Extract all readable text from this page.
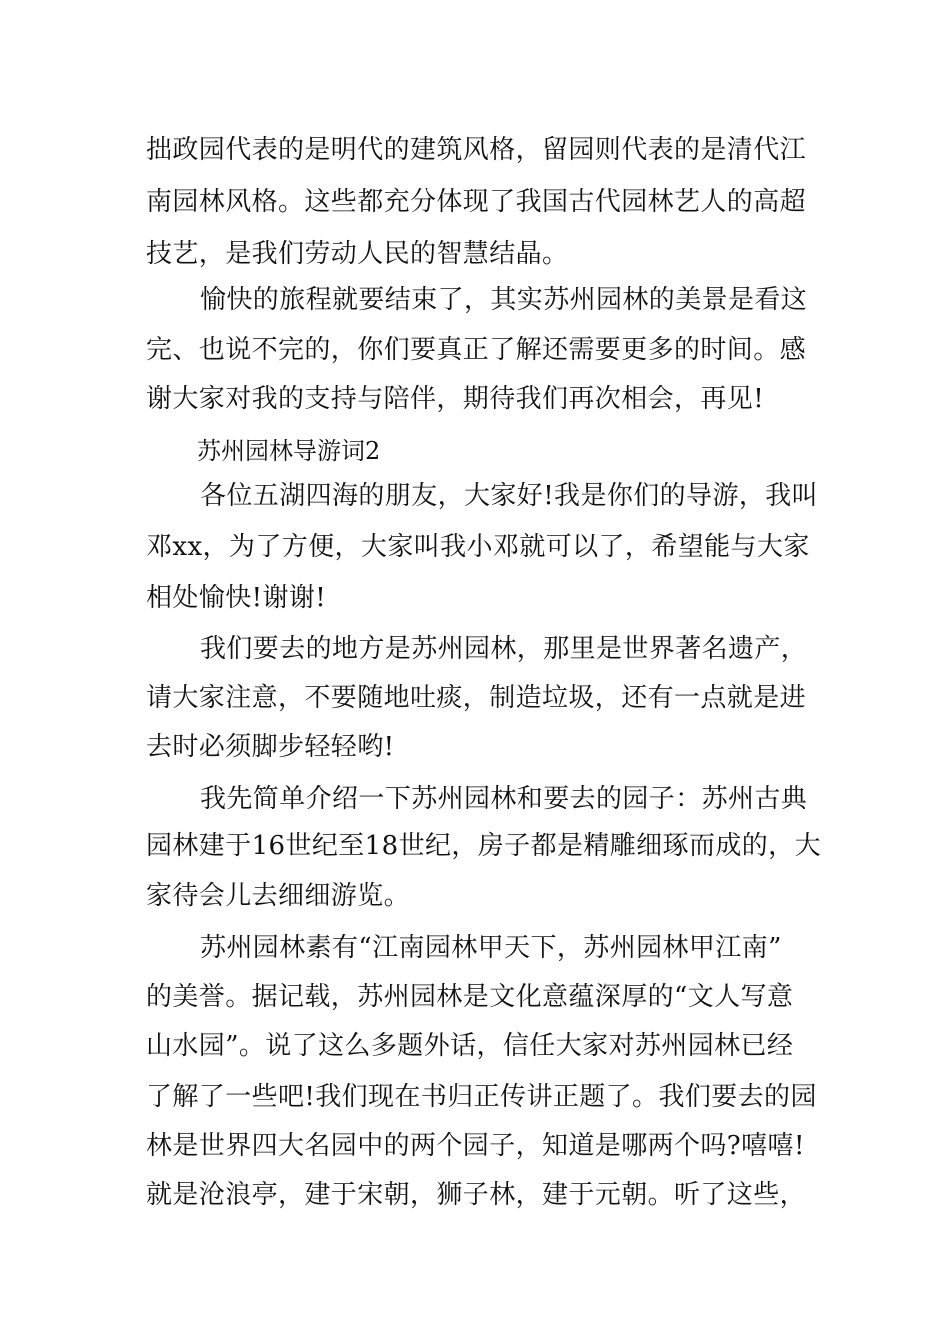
拙政园代表的是明代的建筑风格，留园则代表的是清代江
南园林风格。这些都充分体现了我国古代园林艺人的高超
技艺，是我们劳动人民的智慧结晶。
愉快的旅程就要结束了，其实苏州园林的美景是看这
完、也说不完的，你们要真正了解还需要更多的时间。感
谢大家对我的支持与陪伴，期待我们再次相会，再见!
苏州园林导游词2
各位五湖四海的朋友，大家好!我是你们的导游，我叫
邓xx，为了方便，大家叫我小邓就可以了，希望能与大家
相处愉快!谢谢!
我们要去的地方是苏州园林，那里是世界著名遗产，
请大家注意，不要随地吐痰，制造垃圾，还有一点就是进
去时必须脚步轻轻哟!
我先简单介绍一下苏州园林和要去的园子：苏州古典
园林建于16世纪至18世纪，房子都是精雕细琢而成的，大
家待会儿去细细游览。
苏州园林素有“江南园林甲天下，苏州园林甲江南”
的美誉。据记载，苏州园林是文化意蕴深厚的“文人写意
山水园”。说了这么多题外话，信任大家对苏州园林已经
了解了一些吧!我们现在书归正传讲正题了。我们要去的园
林是世界四大名园中的两个园子，知道是哪两个吗?嘻嘻!
就是沧浪亭，建于宋朝，狮子林，建于元朝。听了这些，
